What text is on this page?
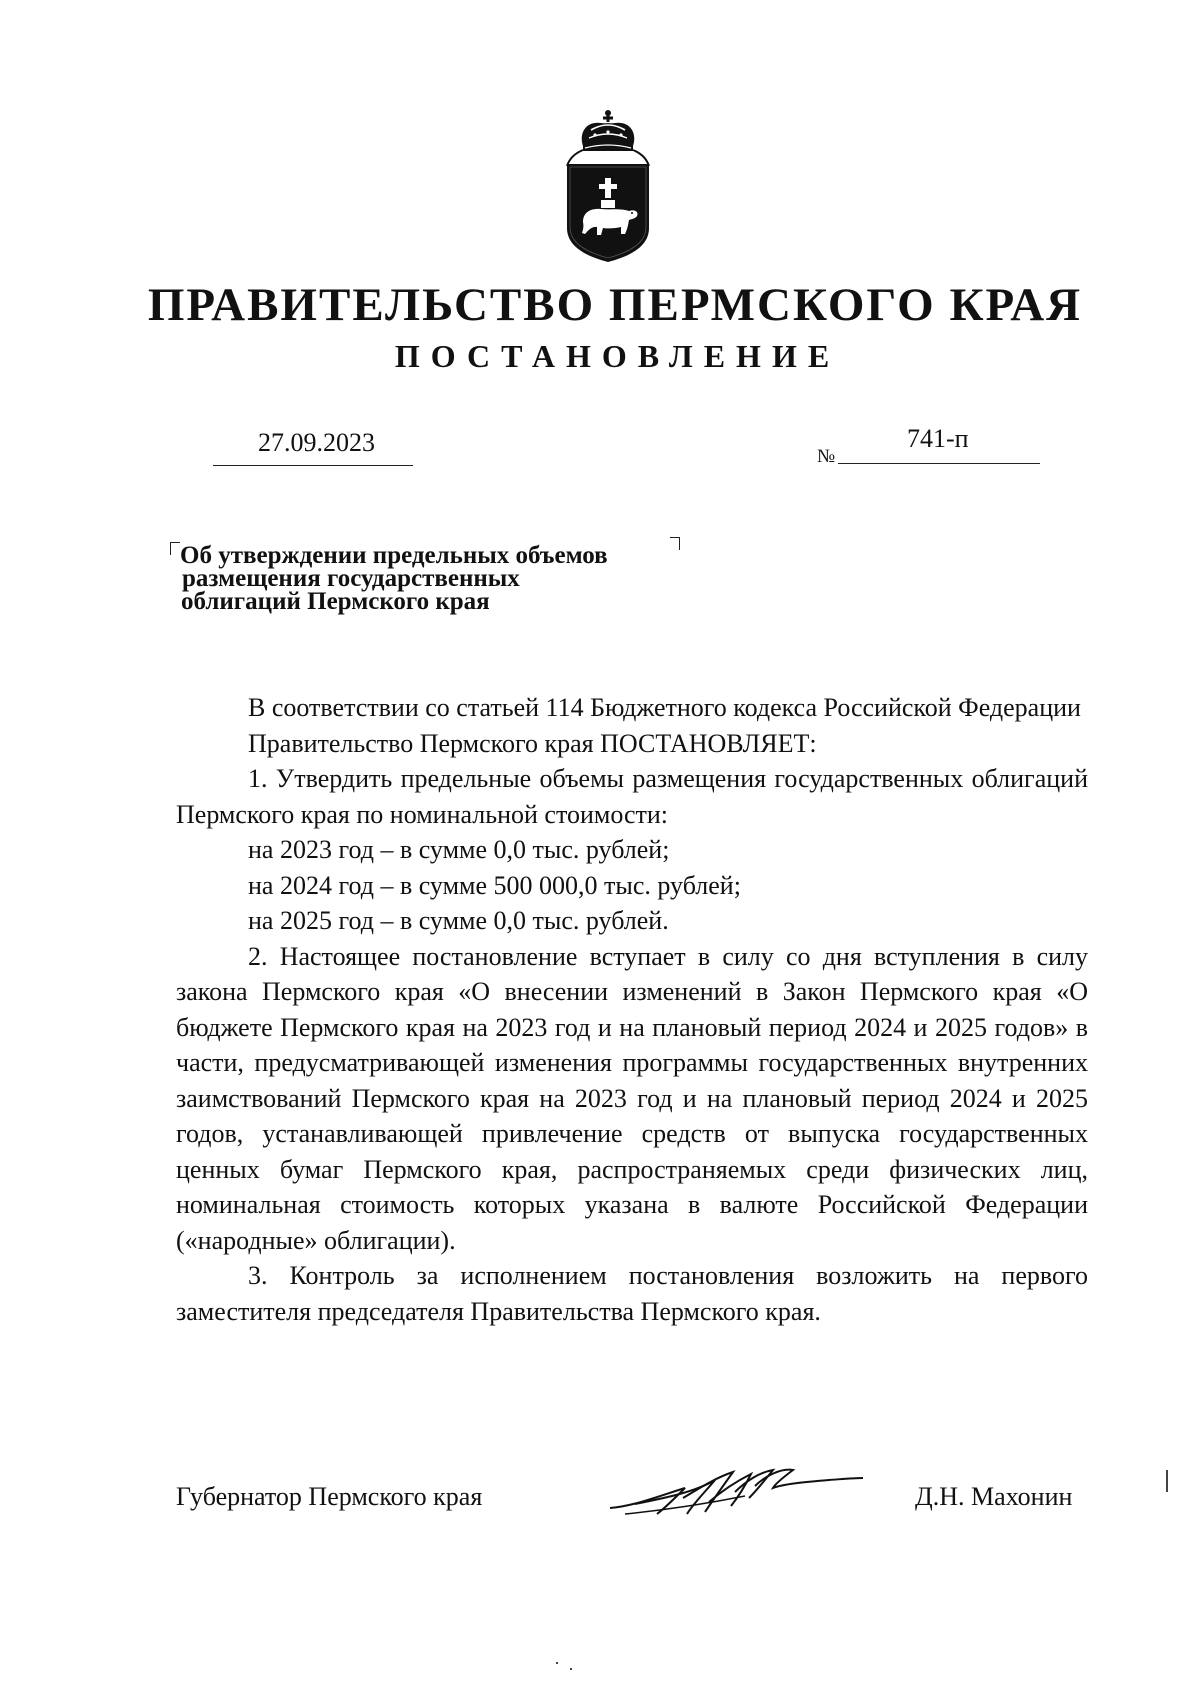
ПРАВИТЕЛЬСТВО ПЕРМСКОГО КРАЯ
ПОСТАНОВЛЕНИЕ
27.09.2023	№
741-п
Об утверждении предельных объемов
размещения государственных
облигаций Пермского края

В соответствии со статьей 114 Бюджетного кодекса Российской Федерации

Правительство Пермского края ПОСТАНОВЛЯЕТ:

1. Утвердить предельные объемы размещения государственных облигаций Пермского края по номинальной стоимости:

на 2023 год – в сумме 0,0 тыс. рублей;

на 2024 год – в сумме 500 000,0 тыс. рублей;

на 2025 год – в сумме 0,0 тыс. рублей.

2. Настоящее постановление вступает в силу со дня вступления в силу закона Пермского края «О внесении изменений в Закон Пермского края «О бюджете Пермского края на 2023 год и на плановый период 2024 и 2025 годов» в части, предусматривающей изменения программы государственных внутренних заимствований Пермского края на 2023 год и на плановый период 2024 и 2025 годов, устанавливающей привлечение средств от выпуска государственных ценных бумаг Пермского края, распространяемых среди физических лиц, номинальная стоимость которых указана в валюте Российской Федерации («народные» облигации).

3. Контроль за исполнением постановления возложить на первого заместителя председателя Правительства Пермского края.

Губернатор Пермского края	Д.Н. Махонин
